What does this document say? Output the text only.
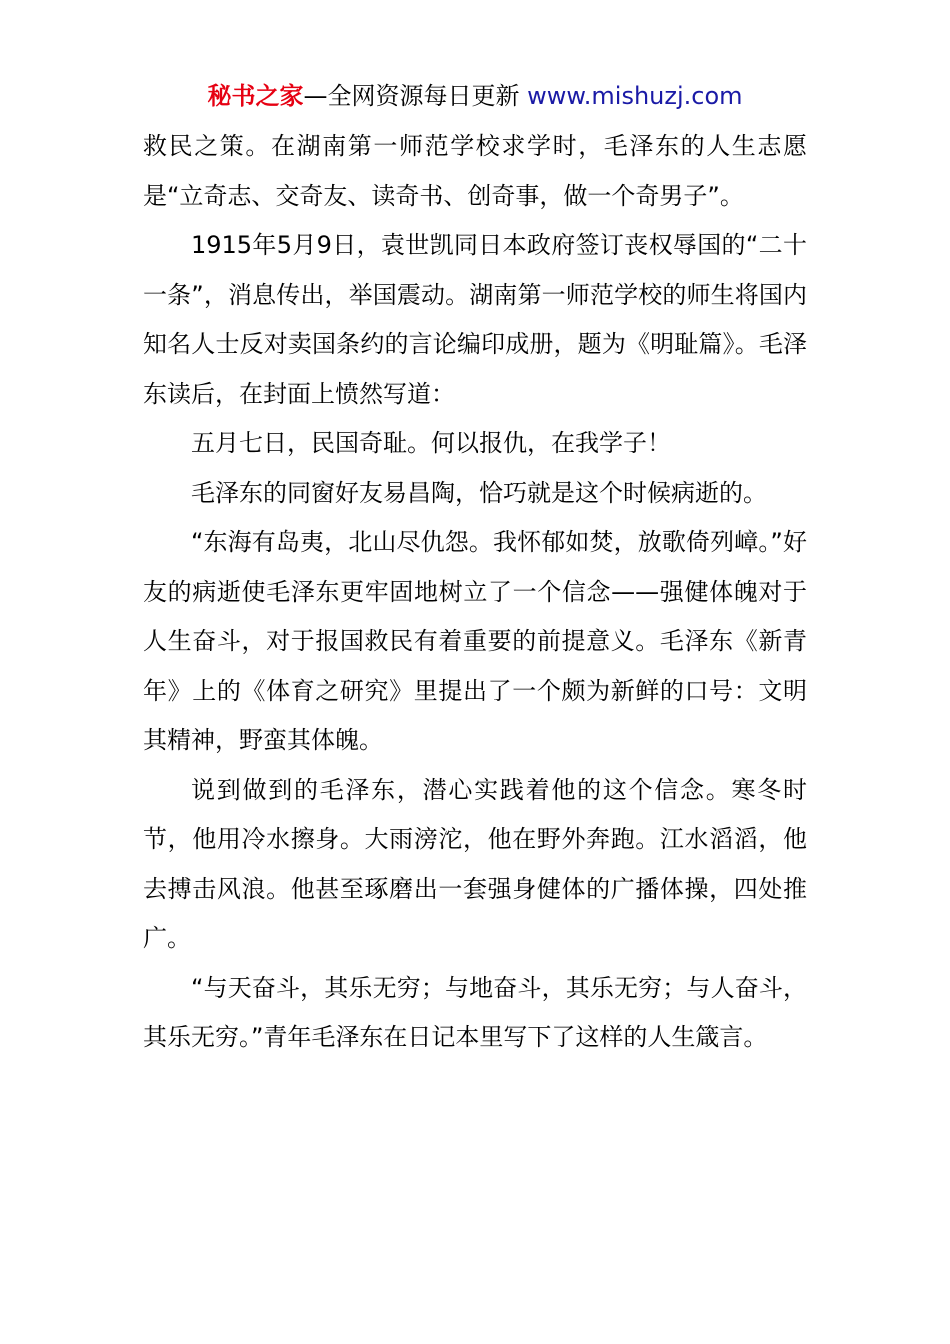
秘书之家—全网资源每日更新 www.mishuzj.com

救民之策。在湖南第一师范学校求学时，毛泽东的人生志愿是“立奇志、交奇友、读奇书、创奇事，做一个奇男子”。

1915年5月9日，袁世凯同日本政府签订丧权辱国的“二十一条”，消息传出，举国震动。湖南第一师范学校的师生将国内知名人士反对卖国条约的言论编印成册，题为《明耻篇》。毛泽东读后，在封面上愤然写道：

五月七日，民国奇耻。何以报仇，在我学子！

毛泽东的同窗好友易昌陶，恰巧就是这个时候病逝的。

“东海有岛夷，北山尽仇怨。我怀郁如焚，放歌倚列嶂。”好友的病逝使毛泽东更牢固地树立了一个信念——强健体魄对于人生奋斗，对于报国救民有着重要的前提意义。毛泽东《新青年》上的《体育之研究》里提出了一个颇为新鲜的口号：文明其精神，野蛮其体魄。

说到做到的毛泽东，潜心实践着他的这个信念。寒冬时节，他用冷水擦身。大雨滂沱，他在野外奔跑。江水滔滔，他去搏击风浪。他甚至琢磨出一套强身健体的广播体操，四处推广。

“与天奋斗，其乐无穷；与地奋斗，其乐无穷；与人奋斗，其乐无穷。”青年毛泽东在日记本里写下了这样的人生箴言。
